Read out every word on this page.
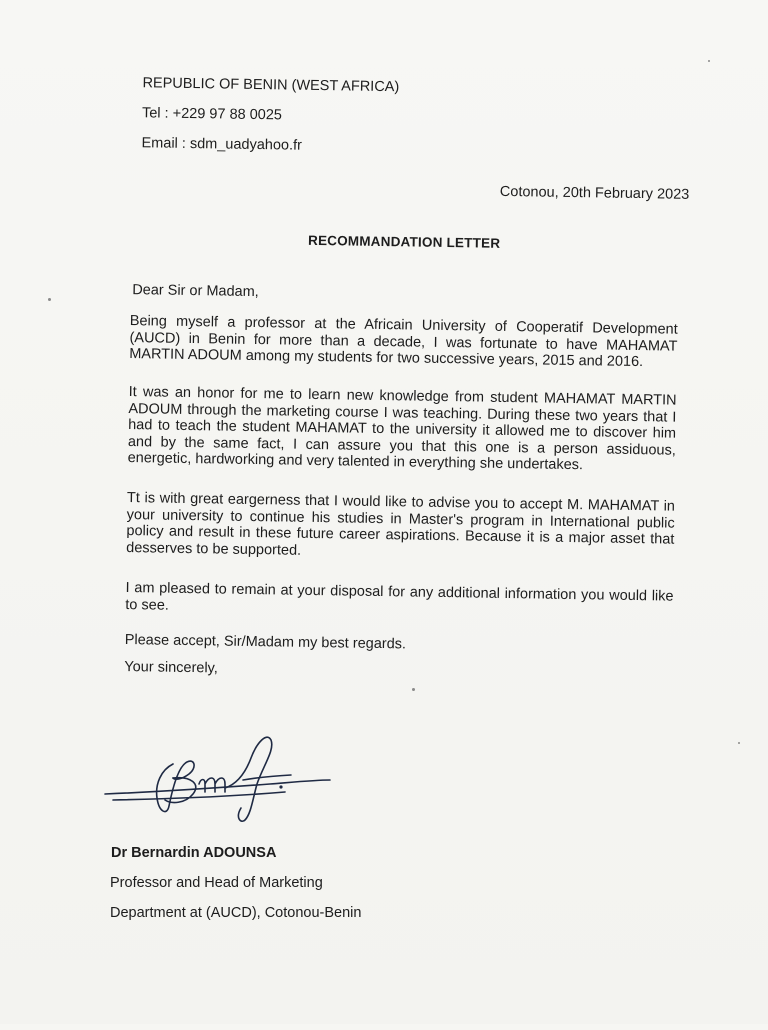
REPUBLIC OF BENIN (WEST AFRICA)
Tel : +229 97 88 0025
Email : sdm_uadyahoo.fr
Cotonou, 20th February 2023
RECOMMANDATION LETTER
Dear Sir or Madam,
Being myself a professor at the Africain University of Cooperatif Development (AUCD) in Benin for more than a decade, I was fortunate to have MAHAMAT MARTIN ADOUM among my students for two successive years, 2015 and 2016.
It was an honor for me to learn new knowledge from student MAHAMAT MARTIN ADOUM through the marketing course I was teaching. During these two years that I had to teach the student MAHAMAT to the university it allowed me to discover him and by the same fact, I can assure you that this one is a person assiduous, energetic, hardworking and very talented in everything she undertakes.
Tt is with great eargerness that I would like to advise you to accept M. MAHAMAT in your university to continue his studies in Master's program in International public policy and result in these future career aspirations. Because it is a major asset that desserves to be supported.
I am pleased to remain at your disposal for any additional information you would like to see.
Please accept, Sir/Madam my best regards.
Your sincerely,
Dr Bernardin ADOUNSA
Professor and Head of Marketing
Department at (AUCD), Cotonou-Benin
